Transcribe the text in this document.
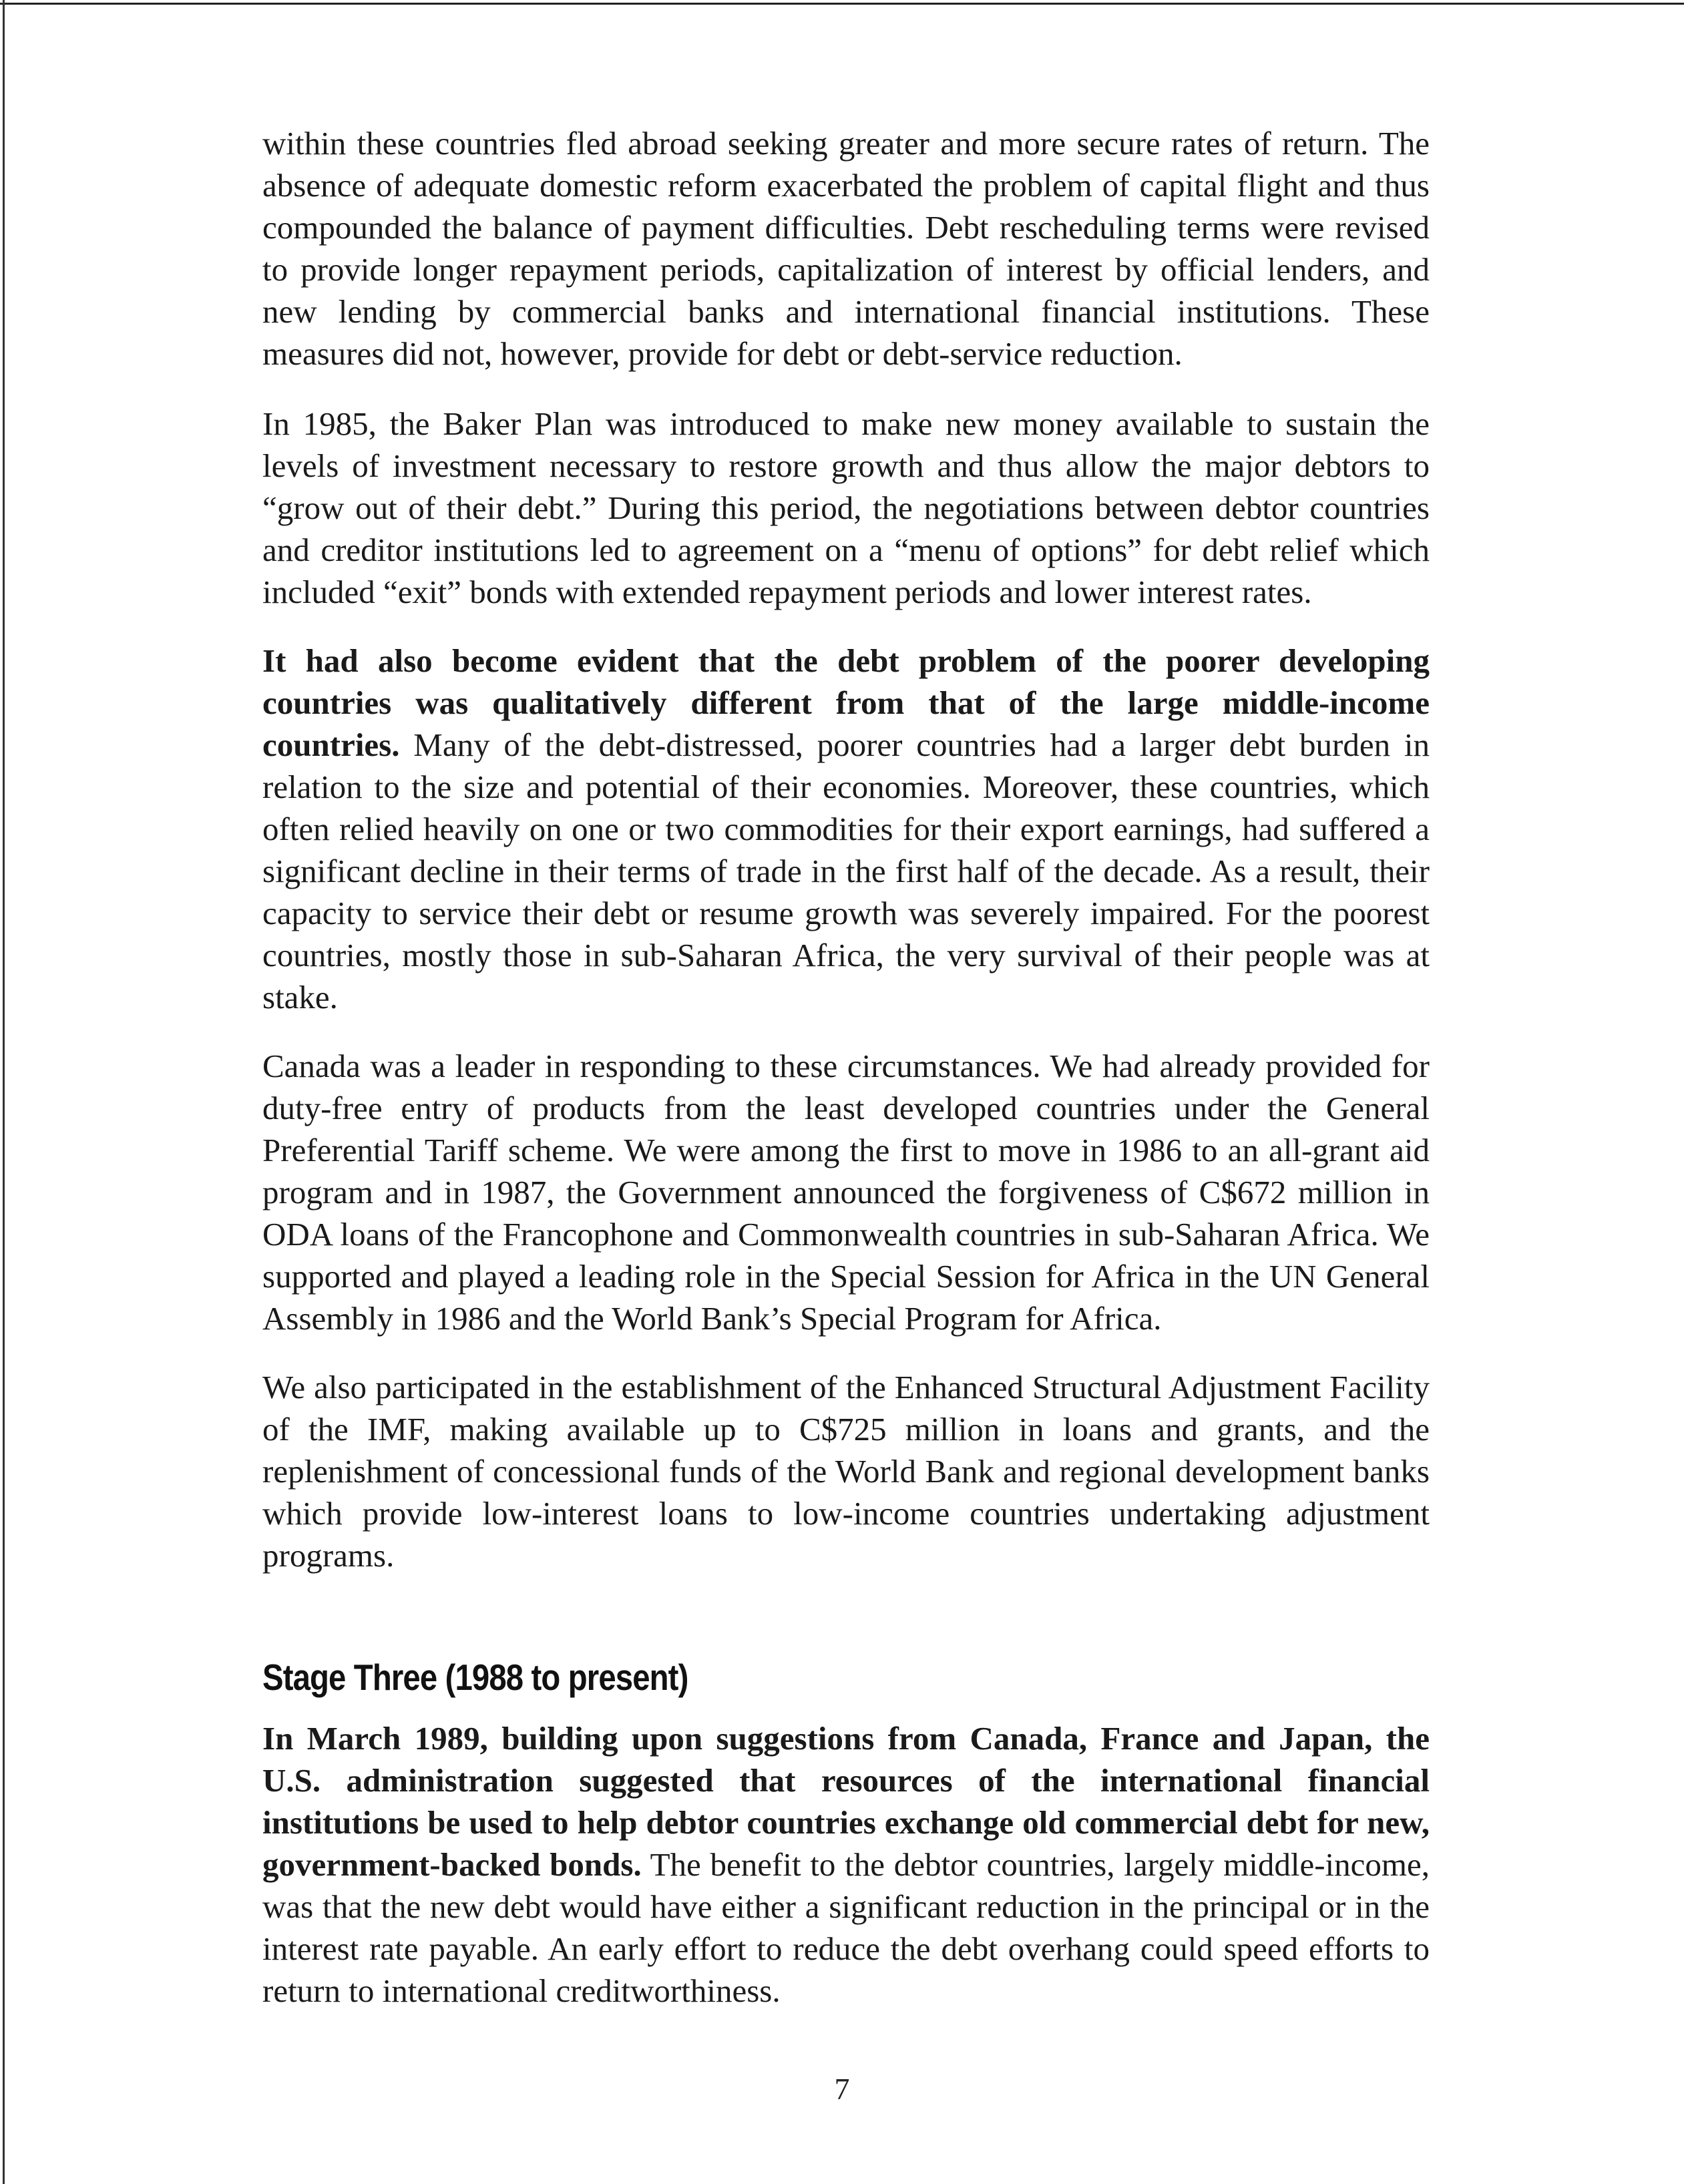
within these countries fled abroad seeking greater and more secure rates of return. The absence of adequate domestic reform exacerbated the problem of capital flight and thus compounded the balance of payment difficulties. Debt rescheduling terms were revised to provide longer repayment periods, capitalization of interest by official lenders, and new lending by commercial banks and international financial institutions. These measures did not, however, provide for debt or debt-service reduction.

In 1985, the Baker Plan was introduced to make new money available to sustain the levels of investment necessary to restore growth and thus allow the major debtors to “grow out of their debt.” During this period, the negotiations between debtor countries and creditor institutions led to agreement on a “menu of options” for debt relief which included “exit” bonds with extended repayment periods and lower interest rates.

It had also become evident that the debt problem of the poorer developing countries was qualitatively different from that of the large middle-income countries. Many of the debt-distressed, poorer countries had a larger debt burden in relation to the size and potential of their economies. Moreover, these countries, which often relied heavily on one or two commodities for their export earnings, had suffered a significant decline in their terms of trade in the first half of the decade. As a result, their capacity to service their debt or resume growth was severely impaired. For the poorest countries, mostly those in sub-Saharan Africa, the very survival of their people was at stake.

Canada was a leader in responding to these circumstances. We had already provided for duty-free entry of products from the least developed countries under the General Preferential Tariff scheme. We were among the first to move in 1986 to an all-grant aid program and in 1987, the Government announced the forgiveness of C$672 million in ODA loans of the Francophone and Commonwealth countries in sub-Saharan Africa. We supported and played a leading role in the Special Session for Africa in the UN General Assembly in 1986 and the World Bank’s Special Program for Africa.

We also participated in the establishment of the Enhanced Structural Adjustment Facility of the IMF, making available up to C$725 million in loans and grants, and the replenishment of concessional funds of the World Bank and regional development banks which provide low-interest loans to low-income countries undertaking adjustment programs.

Stage Three (1988 to present)

In March 1989, building upon suggestions from Canada, France and Japan, the U.S. administration suggested that resources of the international financial institutions be used to help debtor countries exchange old commercial debt for new, government-backed bonds. The benefit to the debtor countries, largely middle-income, was that the new debt would have either a significant reduction in the principal or in the interest rate payable. An early effort to reduce the debt overhang could speed efforts to return to international creditworthiness.

7
